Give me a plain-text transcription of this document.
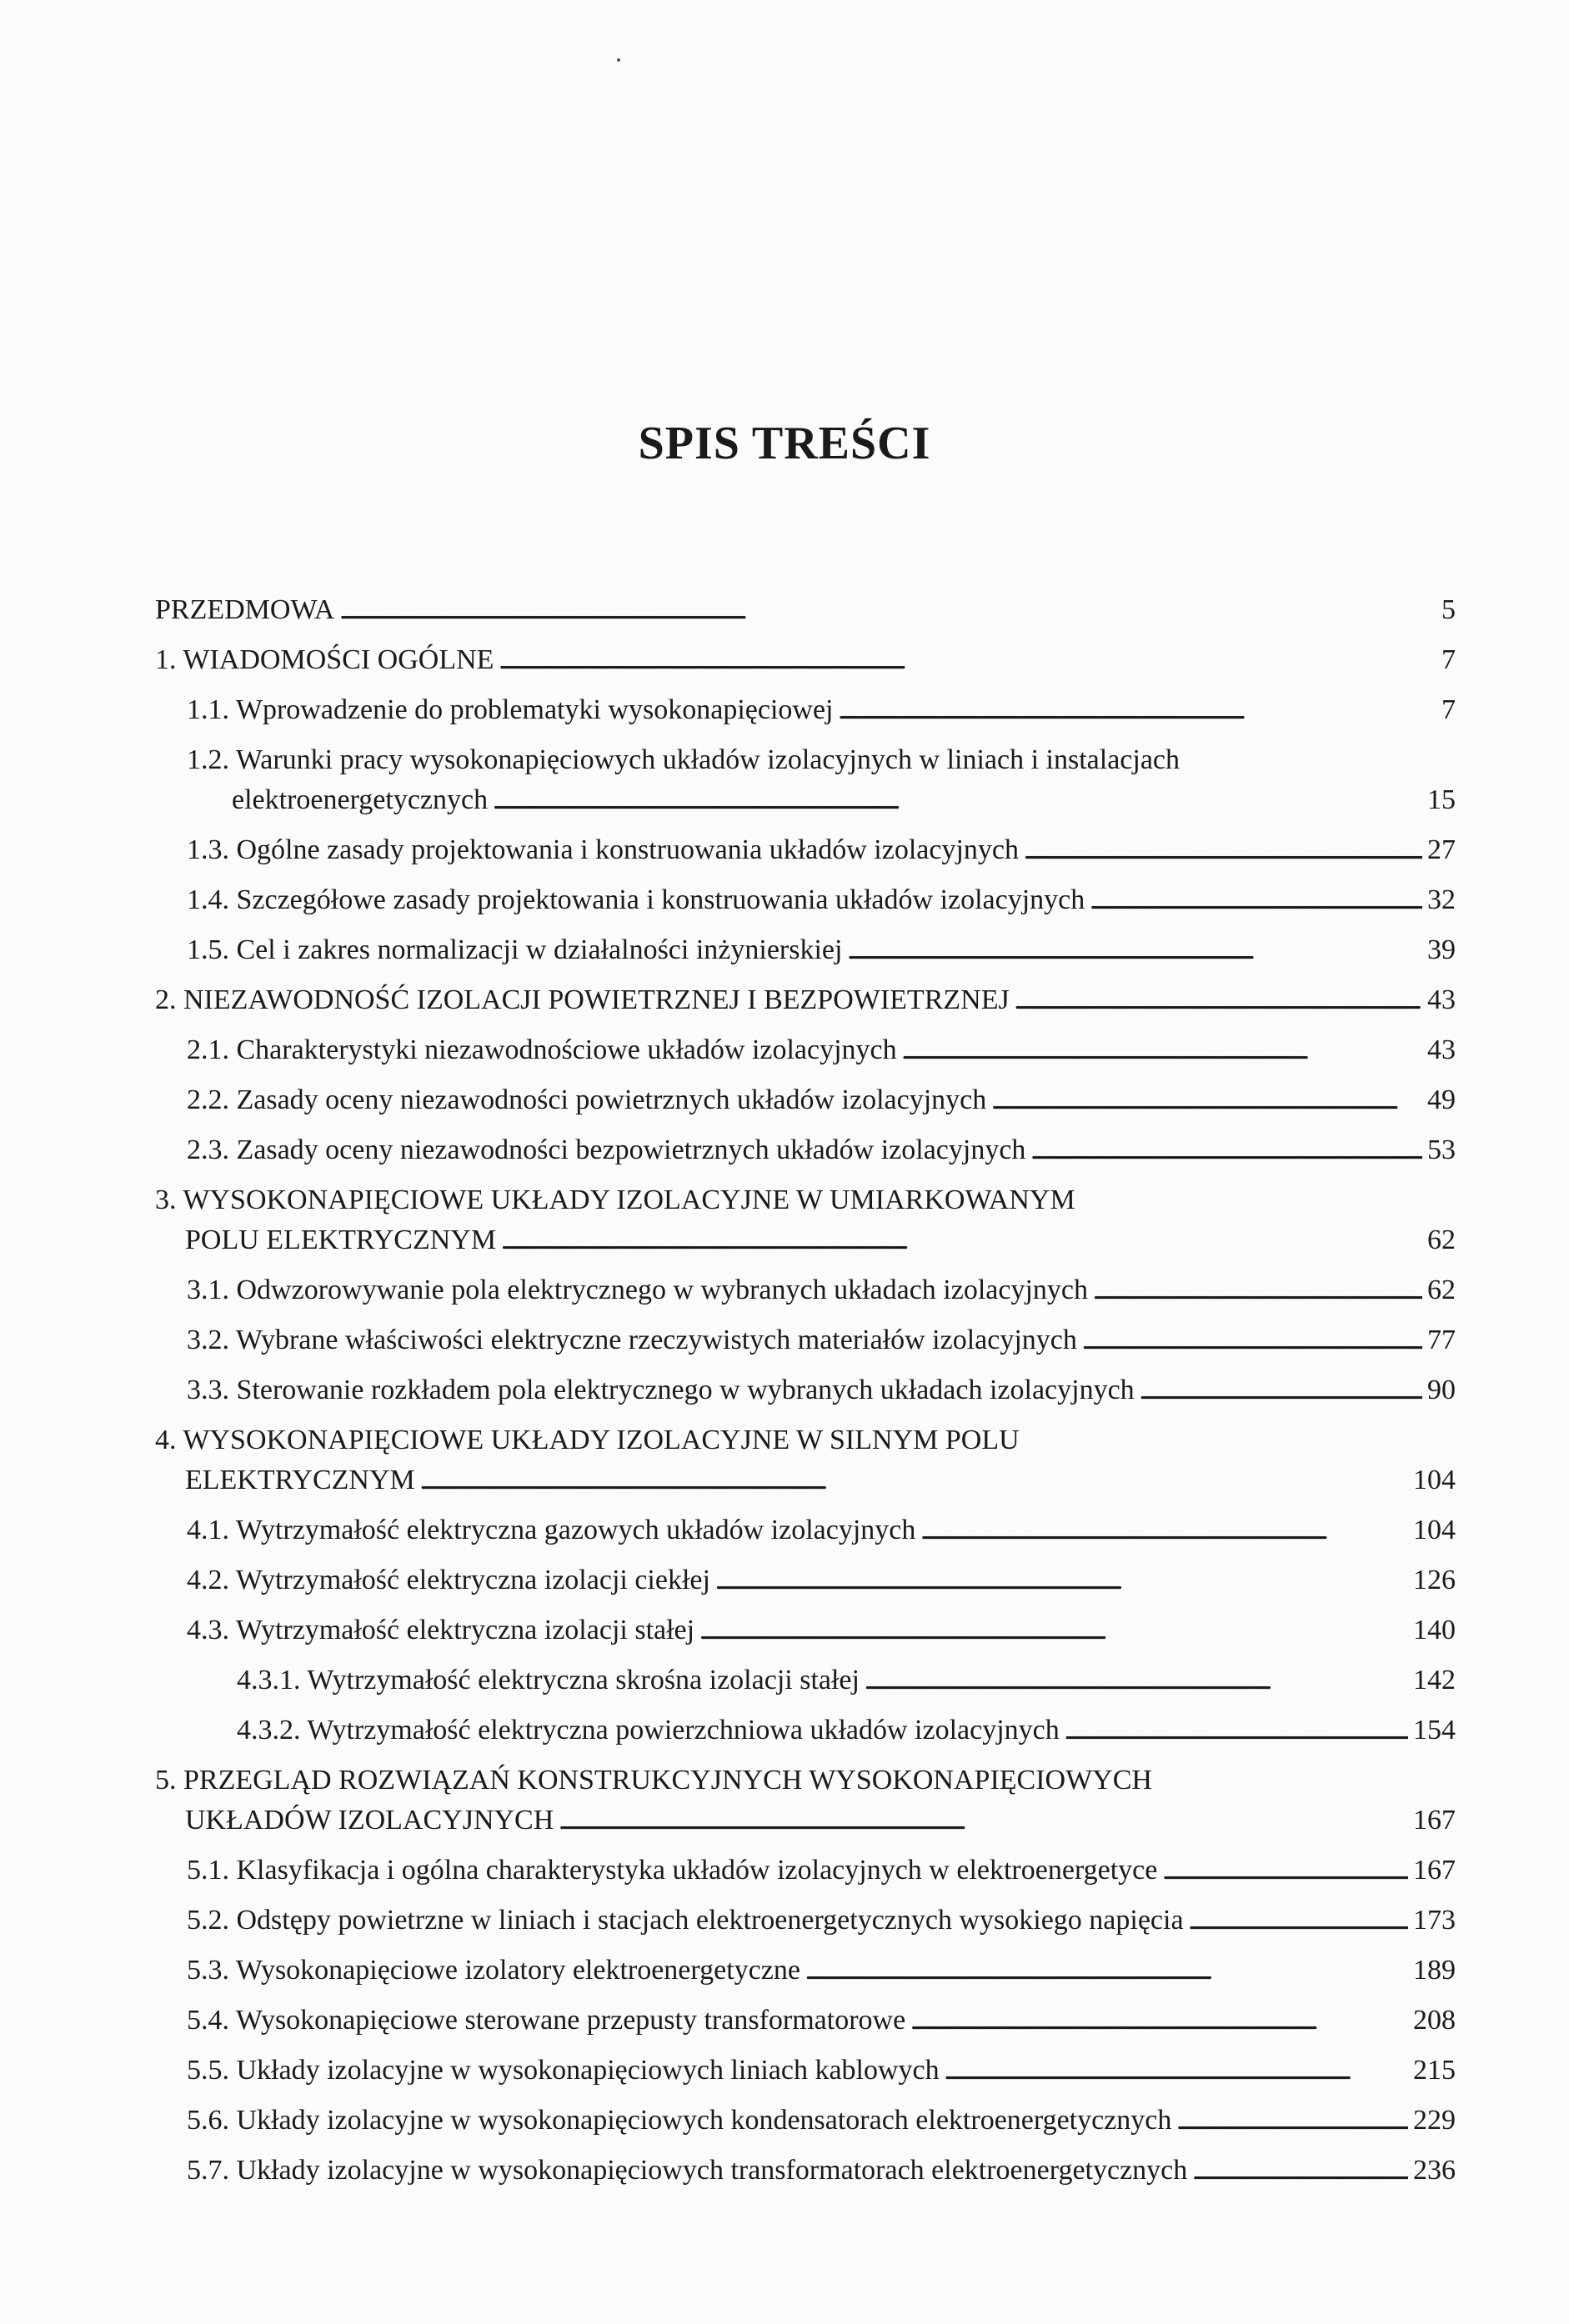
SPIS TREŚCI
PRZEDMOWA . . .	5
1. WIADOMOŚCI OGÓLNE . . .	7
1.1. Wprowadzenie do problematyki wysokonapięciowej . . .	7
1.2. Warunki pracy wysokonapięciowych układów izolacyjnych w liniach i instalacjach
elektroenergetycznych . . .	15
1.3. Ogólne zasady projektowania i konstruowania układów izolacyjnych . . .	27
1.4. Szczegółowe zasady projektowania i konstruowania układów izolacyjnych . . .	32
1.5. Cel i zakres normalizacji w działalności inżynierskiej . . .	39
2. NIEZAWODNOŚĆ IZOLACJI POWIETRZNEJ I BEZPOWIETRZNEJ . . .	43
2.1. Charakterystyki niezawodnościowe układów izolacyjnych . . .	43
2.2. Zasady oceny niezawodności powietrznych układów izolacyjnych . . .	49
2.3. Zasady oceny niezawodności bezpowietrznych układów izolacyjnych . . .	53
3. WYSOKONAPIĘCIOWE UKŁADY IZOLACYJNE W UMIARKOWANYM
POLU ELEKTRYCZNYM . . .	62
3.1. Odwzorowywanie pola elektrycznego w wybranych układach izolacyjnych . . .	62
3.2. Wybrane właściwości elektryczne rzeczywistych materiałów izolacyjnych . . .	77
3.3. Sterowanie rozkładem pola elektrycznego w wybranych układach izolacyjnych . . .	90
4. WYSOKONAPIĘCIOWE UKŁADY IZOLACYJNE W SILNYM POLU
ELEKTRYCZNYM . . .	104
4.1. Wytrzymałość elektryczna gazowych układów izolacyjnych . . .	104
4.2. Wytrzymałość elektryczna izolacji ciekłej . . .	126
4.3. Wytrzymałość elektryczna izolacji stałej . . .	140
4.3.1. Wytrzymałość elektryczna skrośna izolacji stałej . . .	142
4.3.2. Wytrzymałość elektryczna powierzchniowa układów izolacyjnych . . .	154
5. PRZEGLĄD ROZWIĄZAŃ KONSTRUKCYJNYCH WYSOKONAPIĘCIOWYCH
UKŁADÓW IZOLACYJNYCH . . .	167
5.1. Klasyfikacja i ogólna charakterystyka układów izolacyjnych w elektroenergetyce . . .	167
5.2. Odstępy powietrzne w liniach i stacjach elektroenergetycznych wysokiego napięcia . . .	173
5.3. Wysokonapięciowe izolatory elektroenergetyczne . . .	189
5.4. Wysokonapięciowe sterowane przepusty transformatorowe . . .	208
5.5. Układy izolacyjne w wysokonapięciowych liniach kablowych . . .	215
5.6. Układy izolacyjne w wysokonapięciowych kondensatorach elektroenergetycznych . . .	229
5.7. Układy izolacyjne w wysokonapięciowych transformatorach elektroenergetycznych . . .	236
